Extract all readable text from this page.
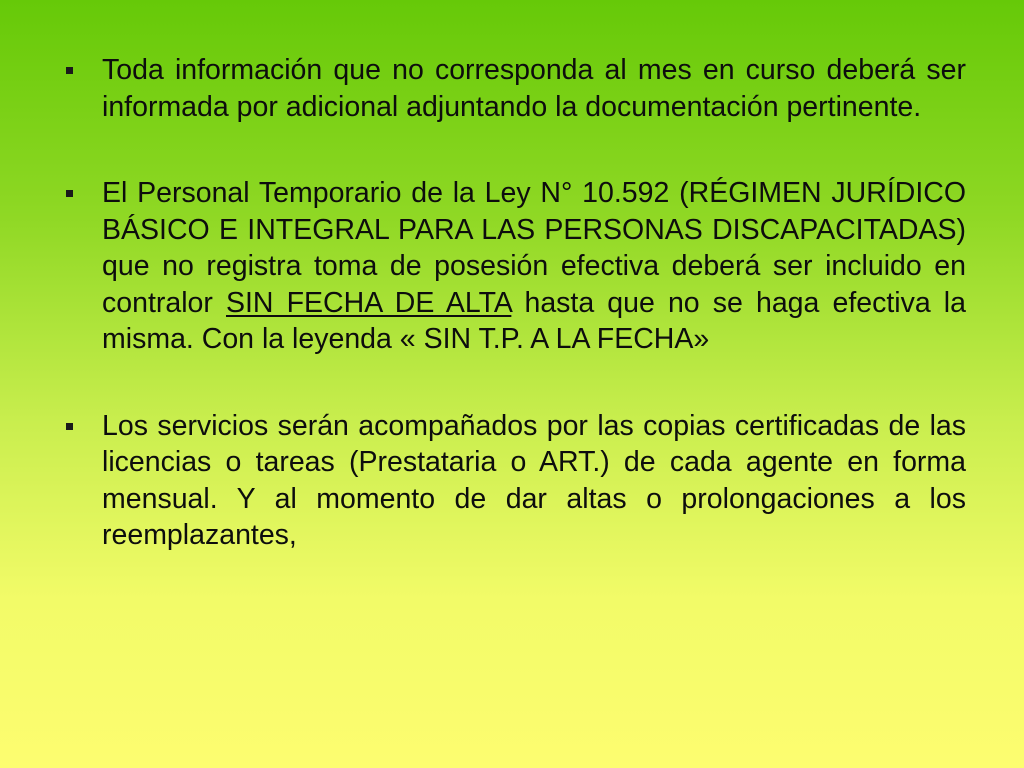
Toda información que no corresponda al mes en curso deberá ser informada por adicional adjuntando la documentación pertinente.
El Personal Temporario de la Ley N° 10.592 (RÉGIMEN JURÍDICO BÁSICO E INTEGRAL PARA LAS PERSONAS DISCAPACITADAS) que no registra toma de posesión efectiva deberá ser incluido en contralor SIN FECHA DE ALTA hasta que no se haga efectiva la misma. Con la leyenda « SIN T.P. A LA FECHA»
Los servicios serán acompañados por las copias certificadas de las licencias o tareas (Prestataria o ART.) de cada agente en forma mensual. Y al momento de dar altas o prolongaciones a los reemplazantes,
